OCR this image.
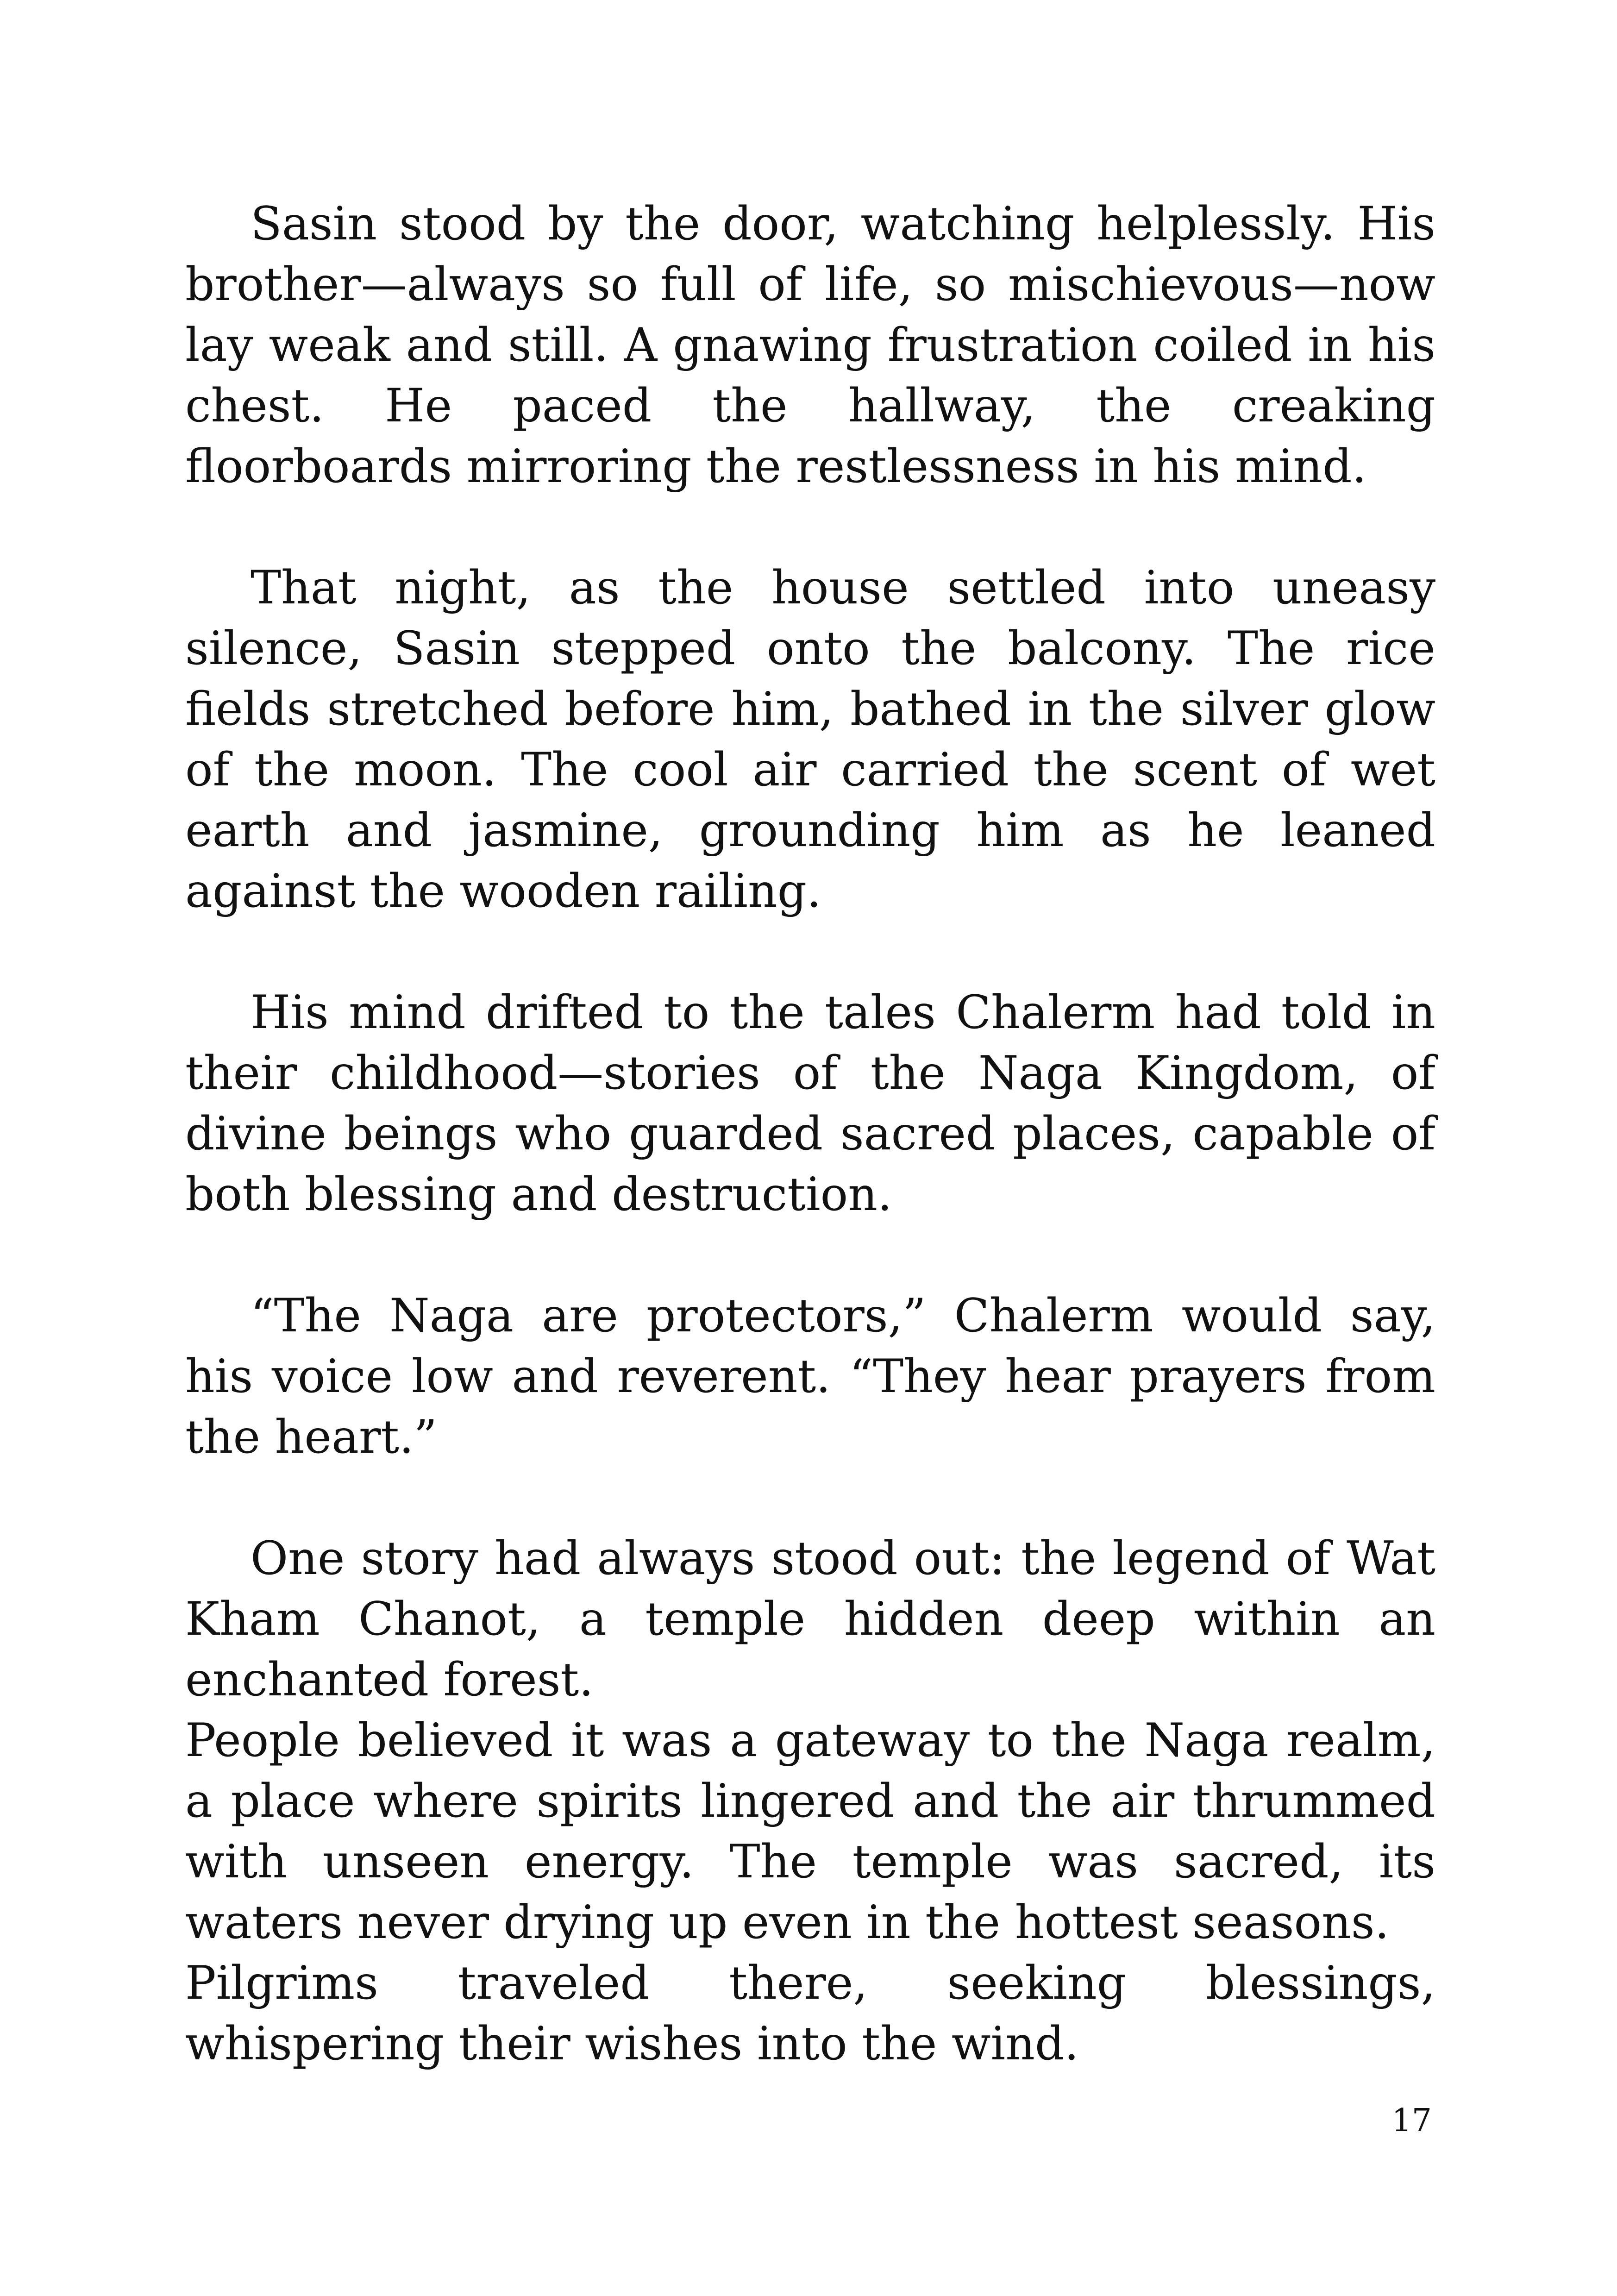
Sasin stood by the door, watching helplessly. His brother—always so full of life, so mischievous—now lay weak and still. A gnawing frustration coiled in his chest. He paced the hallway, the creaking floorboards mirroring the restlessness in his mind.

That night, as the house settled into uneasy silence, Sasin stepped onto the balcony. The rice fields stretched before him, bathed in the silver glow of the moon. The cool air carried the scent of wet earth and jasmine, grounding him as he leaned against the wooden railing.

His mind drifted to the tales Chalerm had told in their childhood—stories of the Naga Kingdom, of divine beings who guarded sacred places, capable of both blessing and destruction.

“The Naga are protectors,” Chalerm would say, his voice low and reverent. “They hear prayers from the heart.”

One story had always stood out: the legend of Wat Kham Chanot, a temple hidden deep within an enchanted forest.

People believed it was a gateway to the Naga realm, a place where spirits lingered and the air thrummed with unseen energy. The temple was sacred, its waters never drying up even in the hottest seasons.

Pilgrims traveled there, seeking blessings, whispering their wishes into the wind.

17
